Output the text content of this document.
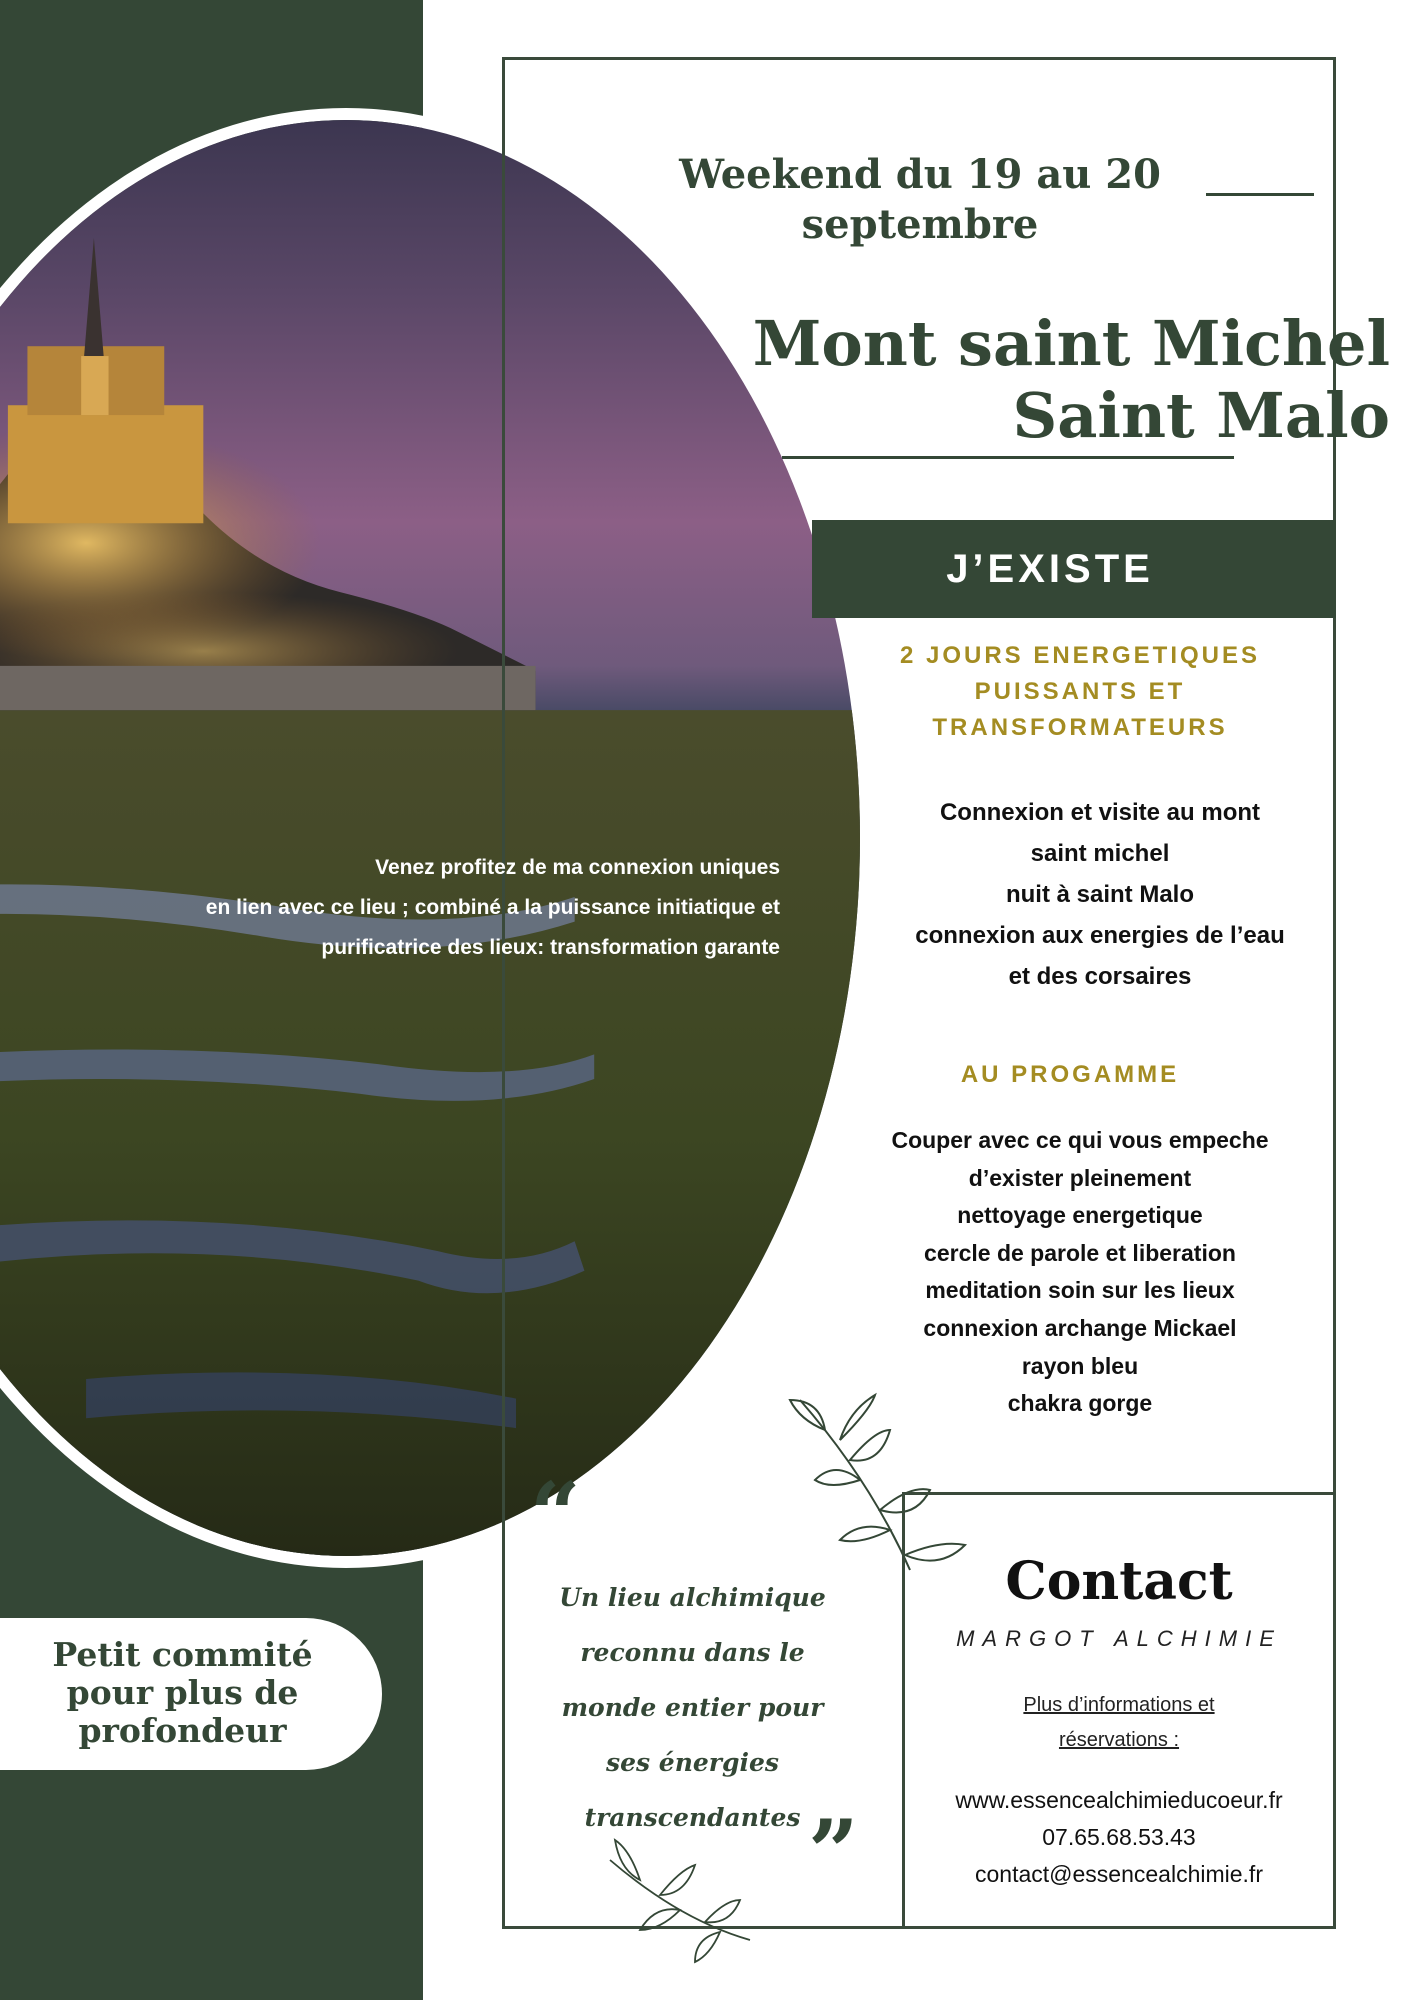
Weekend du 19 au 20
septembre
Mont saint Michel
Saint Malo
J’EXISTE
2 JOURS ENERGETIQUES
PUISSANTS ET
TRANSFORMATEURS
Connexion et visite au mont
saint michel
nuit à saint Malo
connexion aux energies de l’eau
et des corsaires
AU PROGAMME
Couper avec ce qui vous empeche
d’exister pleinement
nettoyage energetique
cercle de parole et liberation
meditation soin sur les lieux
connexion archange Mickael
rayon bleu
chakra gorge
Venez profitez de ma connexion uniques
en lien avec ce lieu ; combiné a la puissance initiatique et
purificatrice des lieux: transformation garante
Petit commité
pour plus de
profondeur
“
Un lieu alchimique
reconnu dans le
monde entier pour
ses énergies
transcendantes ”
Contact
MARGOT ALCHIMIE
Plus d’informations et
réservations :
www.essencealchimieducoeur.fr
07.65.68.53.43
contact@essencealchimie.fr
